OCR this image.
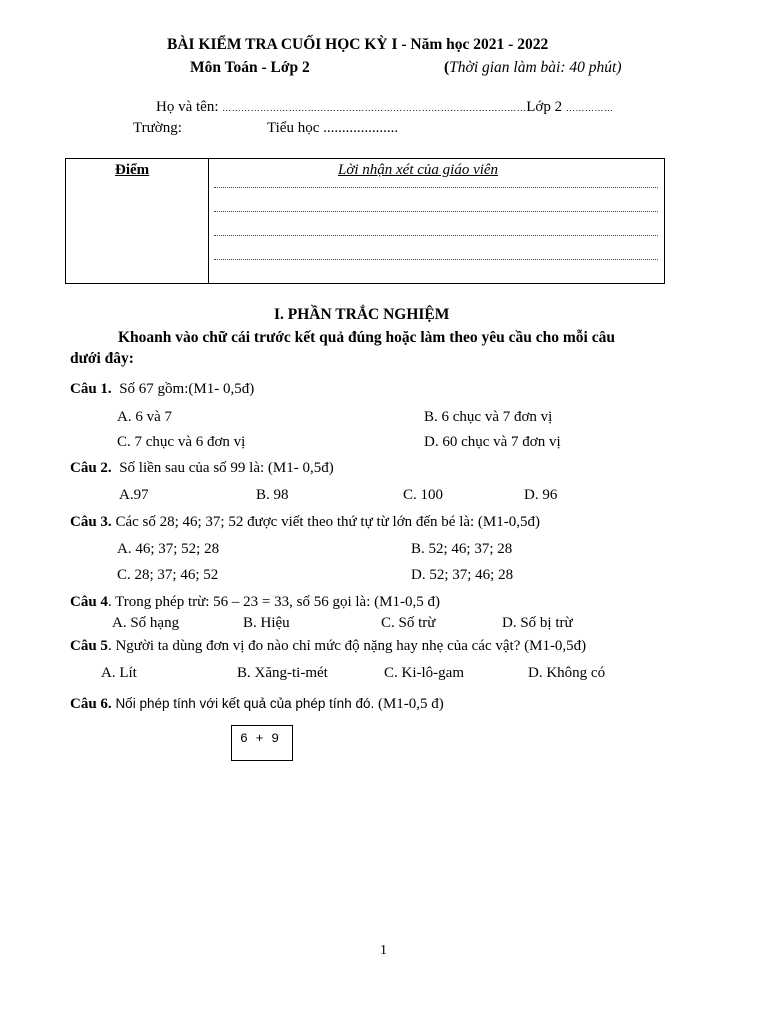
BÀI KIỂM TRA CUỐI HỌC KỲ I - Năm học 2021 - 2022
Môn Toán - Lớp 2	(Thời gian làm bài: 40 phút)
Họ và tên: ……………………………………………………………………………………Lớp 2 ……………
Trường:	Tiểu học ....................
Điểm	Lời nhận xét của giáo viên
I. PHẦN TRẮC NGHIỆM
Khoanh vào chữ cái trước kết quả đúng hoặc làm theo yêu cầu cho mỗi câu
dưới đây:
Câu 1. Số 67 gồm:(M1- 0,5đ)
A. 6 và 7	B. 6 chục và 7 đơn vị
C. 7 chục và 6 đơn vị	D. 60 chục và 7 đơn vị
Câu 2. Số liền sau của số 99 là: (M1- 0,5đ)
A.97	B. 98	C. 100	D. 96
Câu 3. Các số 28; 46; 37; 52 được viết theo thứ tự từ lớn đến bé là: (M1-0,5đ)
A. 46; 37; 52; 28	B. 52; 46; 37; 28
C. 28; 37; 46; 52	D. 52; 37; 46; 28
Câu 4. Trong phép trừ: 56 – 23 = 33, số 56 gọi là: (M1-0,5 đ)
A. Số hạng	B. Hiệu	C. Số trừ	D. Số bị trừ
Câu 5. Người ta dùng đơn vị đo nào chỉ mức độ nặng hay nhẹ của các vật? (M1-0,5đ)
A. Lít	B. Xăng-ti-mét	C. Ki-lô-gam	D. Không có
Câu 6. Nối phép tính với kết quả của phép tính đó. (M1-0,5 đ)
6 + 9
1
